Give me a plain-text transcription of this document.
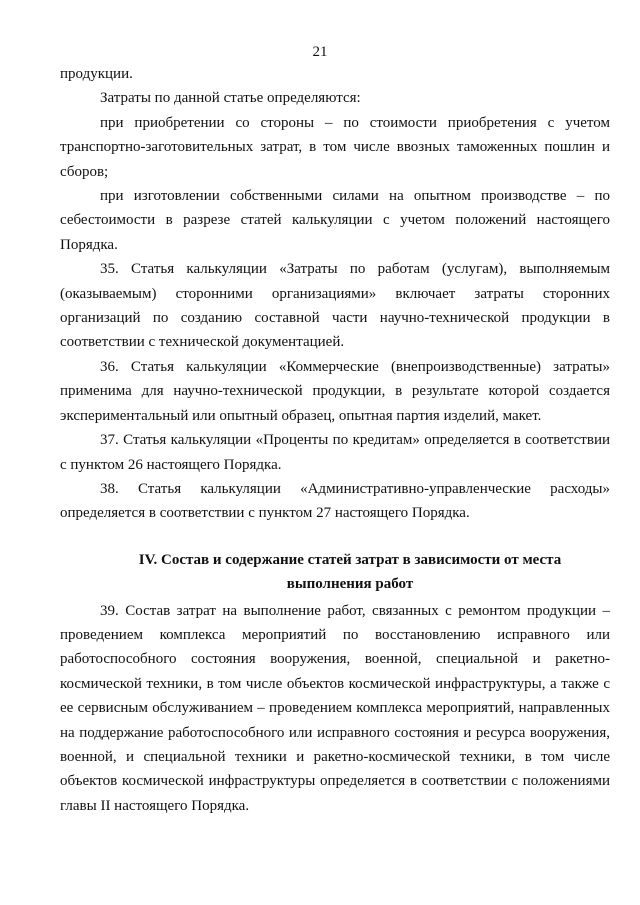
21

продукции.

Затраты по данной статье определяются:

при приобретении со стороны – по стоимости приобретения с учетом транспортно-заготовительных затрат, в том числе ввозных таможенных пошлин и сборов;

при изготовлении собственными силами на опытном производстве – по себестоимости в разрезе статей калькуляции с учетом положений настоящего Порядка.

35. Статья калькуляции «Затраты по работам (услугам), выполняемым (оказываемым) сторонними организациями» включает затраты сторонних организаций по созданию составной части научно-технической продукции в соответствии с технической документацией.

36. Статья калькуляции «Коммерческие (внепроизводственные) затраты» применима для научно-технической продукции, в результате которой создается экспериментальный или опытный образец, опытная партия изделий, макет.

37. Статья калькуляции «Проценты по кредитам» определяется в соответствии с пунктом 26 настоящего Порядка.

38. Статья калькуляции «Административно-управленческие расходы» определяется в соответствии с пунктом 27 настоящего Порядка.

IV. Состав и содержание статей затрат в зависимости от места
выполнения работ

39. Состав затрат на выполнение работ, связанных с ремонтом продукции – проведением комплекса мероприятий по восстановлению исправного или работоспособного состояния вооружения, военной, специальной и ракетно-космической техники, в том числе объектов космической инфраструктуры, а также с ее сервисным обслуживанием – проведением комплекса мероприятий, направленных на поддержание работоспособного или исправного состояния и ресурса вооружения, военной, и специальной техники и ракетно-космической техники, в том числе объектов космической инфраструктуры определяется в соответствии с положениями главы II настоящего Порядка.
